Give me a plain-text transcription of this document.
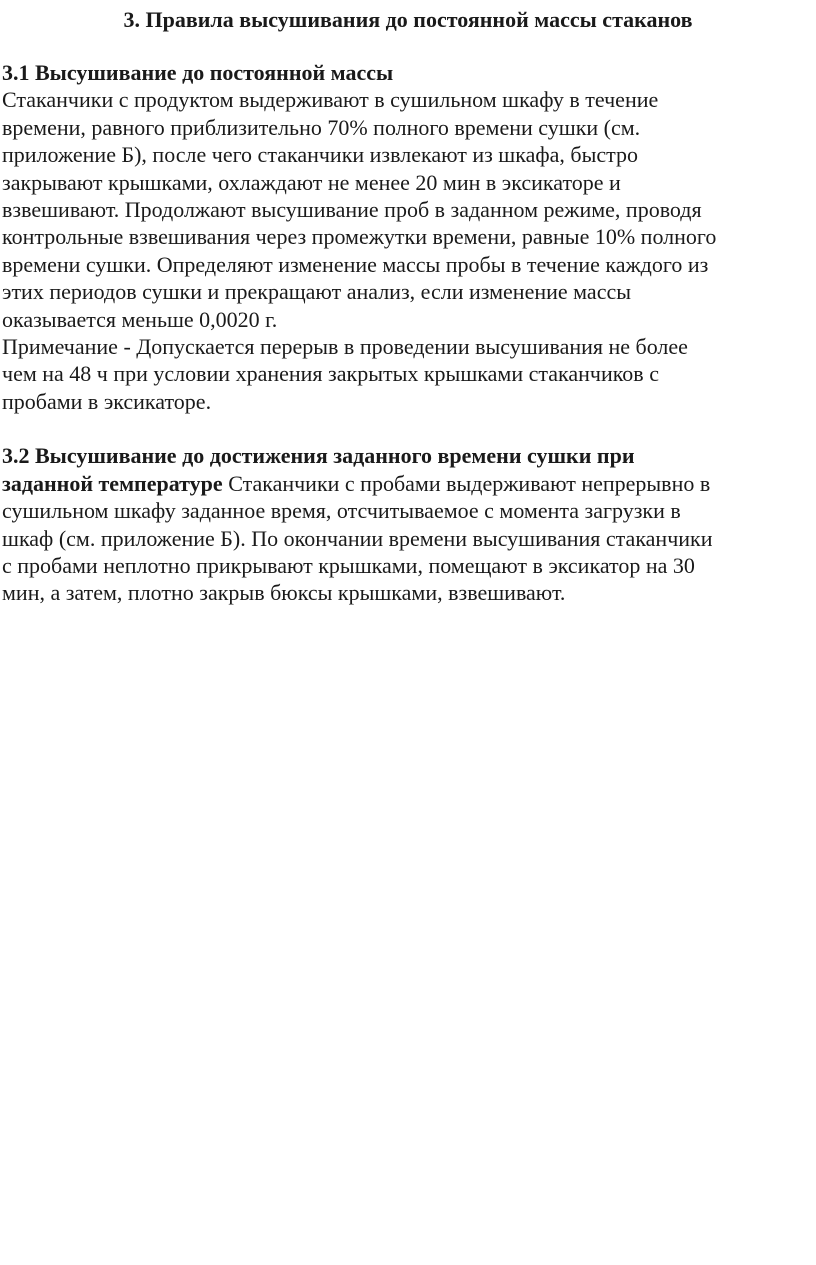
3. Правила высушивания до постоянной массы стаканов
3.1 Высушивание до постоянной массы
Стаканчики с продуктом выдерживают в сушильном шкафу в течение
времени, равного приблизительно 70% полного времени сушки (см.
приложение Б), после чего стаканчики извлекают из шкафа, быстро
закрывают крышками, охлаждают не менее 20 мин в эксикаторе и
взвешивают. Продолжают высушивание проб в заданном режиме, проводя
контрольные взвешивания через промежутки времени, равные 10% полного
времени сушки. Определяют изменение массы пробы в течение каждого из
этих периодов сушки и прекращают анализ, если изменение массы
оказывается меньше 0,0020 г.
Примечание - Допускается перерыв в проведении высушивания не более
чем на 48 ч при условии хранения закрытых крышками стаканчиков с
пробами в эксикаторе.
3.2 Высушивание до достижения заданного времени сушки при
заданной температуре Стаканчики с пробами выдерживают непрерывно в
сушильном шкафу заданное время, отсчитываемое с момента загрузки в
шкаф (см. приложение Б). По окончании времени высушивания стаканчики
с пробами неплотно прикрывают крышками, помещают в эксикатор на 30
мин, а затем, плотно закрыв бюксы крышками, взвешивают.
